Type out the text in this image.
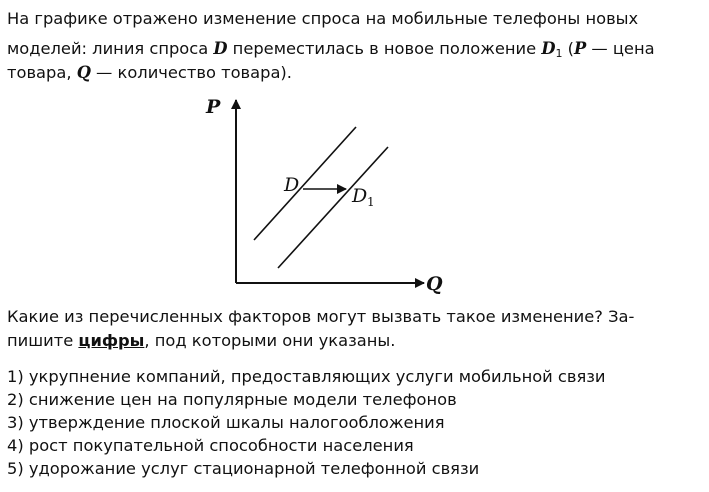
На графике отражено изменение спроса на мобильные телефоны новых
моделей: линия спроса D переместилась в новое положение $D_1$ (P — цена
товара, Q — количество товара).
P
Q
D	D 1
Какие из перечисленных факторов могут вызвать такое изменение? За-
пишите цифры, под которыми они указаны.
1) укрупнение компаний, предоставляющих услуги мобильной связи
2) снижение цен на популярные модели телефонов
3) утверждение плоской шкалы налогообложения
4) рост покупательной способности населения
5) удорожание услуг стационарной телефонной связи
